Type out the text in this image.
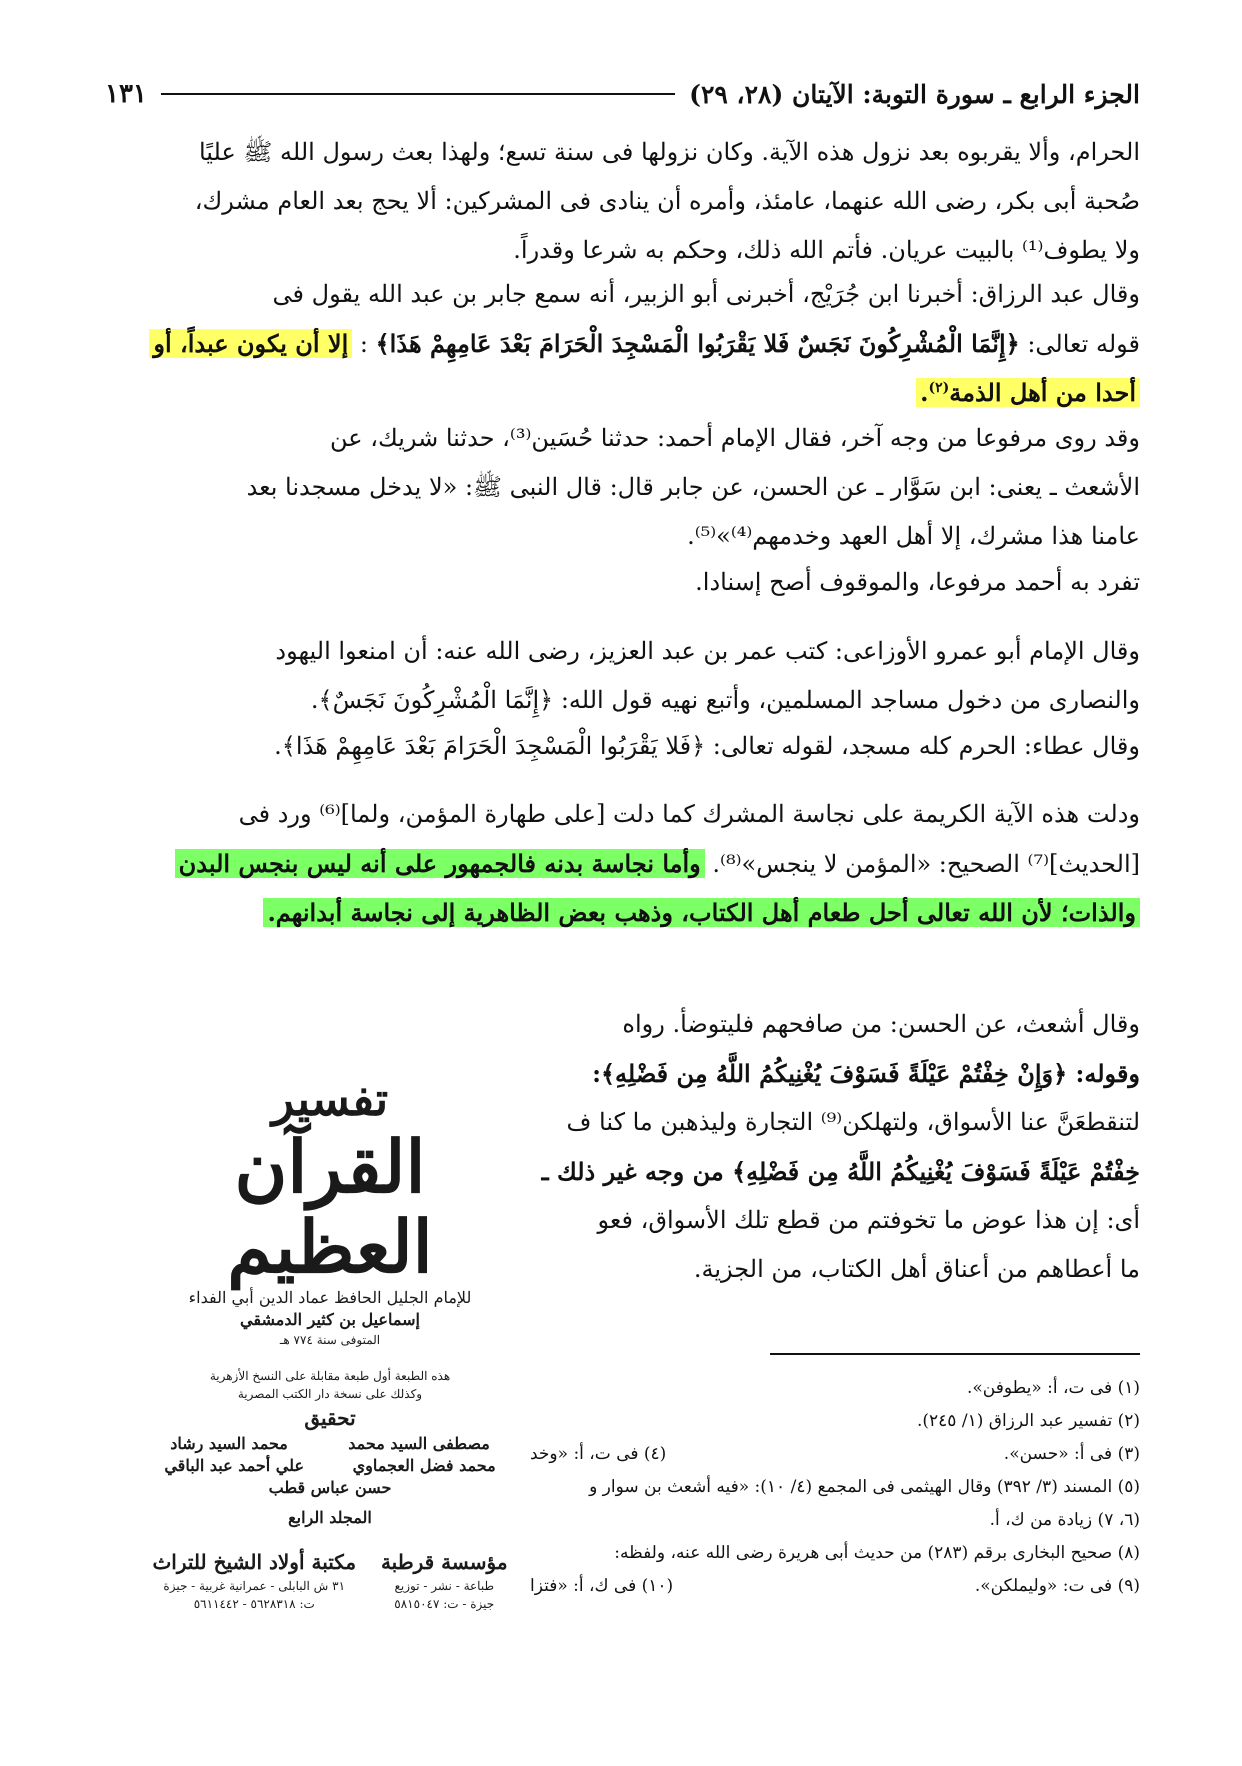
الجزء الرابع ـ سورة التوبة: الآيتان (٢٨، ٢٩)
١٣١
الحرام، وألا يقربوه بعد نزول هذه الآية. وكان نزولها فى سنة تسع؛ ولهذا بعث رسول الله ﷺ عليًا
صُحبة أبى بكر، رضى الله عنهما، عامئذ، وأمره أن ينادى فى المشركين: ألا يحج بعد العام مشرك،
ولا يطوف⁽¹⁾ بالبيت عريان. فأتم الله ذلك، وحكم به شرعا وقدراً.
وقال عبد الرزاق: أخبرنا ابن جُرَيْج، أخبرنى أبو الزبير، أنه سمع جابر بن عبد الله يقول فى
قوله تعالى: ﴿إِنَّمَا الْمُشْرِكُونَ نَجَسٌ فَلا يَقْرَبُوا الْمَسْجِدَ الْحَرَامَ بَعْدَ عَامِهِمْ هَذَا﴾ : إلا أن يكون عبداً، أو
أحدا من أهل الذمة$^{(٢)}$.
وقد روى مرفوعا من وجه آخر، فقال الإمام أحمد: حدثنا حُسَين⁽³⁾، حدثنا شريك، عن
الأشعث ـ يعنى: ابن سَوَّار ـ عن الحسن، عن جابر قال: قال النبى ﷺ: «لا يدخل مسجدنا بعد
عامنا هذا مشرك، إلا أهل العهد وخدمهم⁽⁴⁾»⁽⁵⁾.
تفرد به أحمد مرفوعا، والموقوف أصح إسنادا.
وقال الإمام أبو عمرو الأوزاعى: كتب عمر بن عبد العزيز، رضى الله عنه: أن امنعوا اليهود
والنصارى من دخول مساجد المسلمين، وأتبع نهيه قول الله: ﴿إِنَّمَا الْمُشْرِكُونَ نَجَسٌ﴾.
وقال عطاء: الحرم كله مسجد، لقوله تعالى: ﴿فَلا يَقْرَبُوا الْمَسْجِدَ الْحَرَامَ بَعْدَ عَامِهِمْ هَذَا﴾.
ودلت هذه الآية الكريمة على نجاسة المشرك كما دلت [على طهارة المؤمن، ولما]⁽⁶⁾ ورد فى
[الحديث]⁽⁷⁾ الصحيح: «المؤمن لا ينجس»⁽⁸⁾. وأما نجاسة بدنه فالجمهور على أنه ليس بنجس البدن
والذات؛ لأن الله تعالى أحل طعام أهل الكتاب، وذهب بعض الظاهرية إلى نجاسة أبدانهم.
وقال أشعث، عن الحسن: من صافحهم فليتوضأ. رواه
وقوله: ﴿وَإِنْ خِفْتُمْ عَيْلَةً فَسَوْفَ يُغْنِيكُمُ اللَّهُ مِن فَضْلِهِ﴾:
لتنقطعَنَّ عنا الأسواق، ولتهلكن⁽⁹⁾ التجارة وليذهبن ما كنا ف
خِفْتُمْ عَيْلَةً فَسَوْفَ يُغْنِيكُمُ اللَّهُ مِن فَضْلِهِ﴾ من وجه غير ذلك ـ
أى: إن هذا عوض ما تخوفتم من قطع تلك الأسواق، فعو
ما أعطاهم من أعناق أهل الكتاب، من الجزية.
تفسير
القرآن العظيم
للإمام الجليل الحافظ عماد الدين أبي الفداء
إسماعيل بن كثير الدمشقي
المتوفى سنة ٧٧٤ هـ
هذه الطبعة أول طبعة مقابلة على النسخ الأزهرية
وكذلك على نسخة دار الكتب المصرية
تحقيق
مصطفى السيد محمد
محمد السيد رشاد
محمد فضل العجماوي
علي أحمد عبد الباقي
حسن عباس قطب
المجلد الرابع
مؤسسة قرطبة
طباعة - نشر - توزيع
جيزة - ت: ٥٨١٥٠٤٧
مكتبة أولاد الشيخ للتراث
٣١ ش البابلى - عمرانية غربية - جيزة
ت: ٥٦٢٨٣١٨ - ٥٦١١٤٤٢
(١) فى ت، أ: «يطوفن».
(٢) تفسير عبد الرزاق (١/ ٢٤٥).
(٣) فى أ: «حسن».
(٤) فى ت، أ: «وخد
(٥) المسند (٣/ ٣٩٢) وقال الهيثمى فى المجمع (٤/ ١٠): «فيه أشعث بن سوار و
(٦، ٧) زيادة من ك، أ.
(٨) صحيح البخارى برقم (٢٨٣) من حديث أبى هريرة رضى الله عنه، ولفظه:
(٩) فى ت: «وليملكن».
(١٠) فى ك، أ: «فتزا
